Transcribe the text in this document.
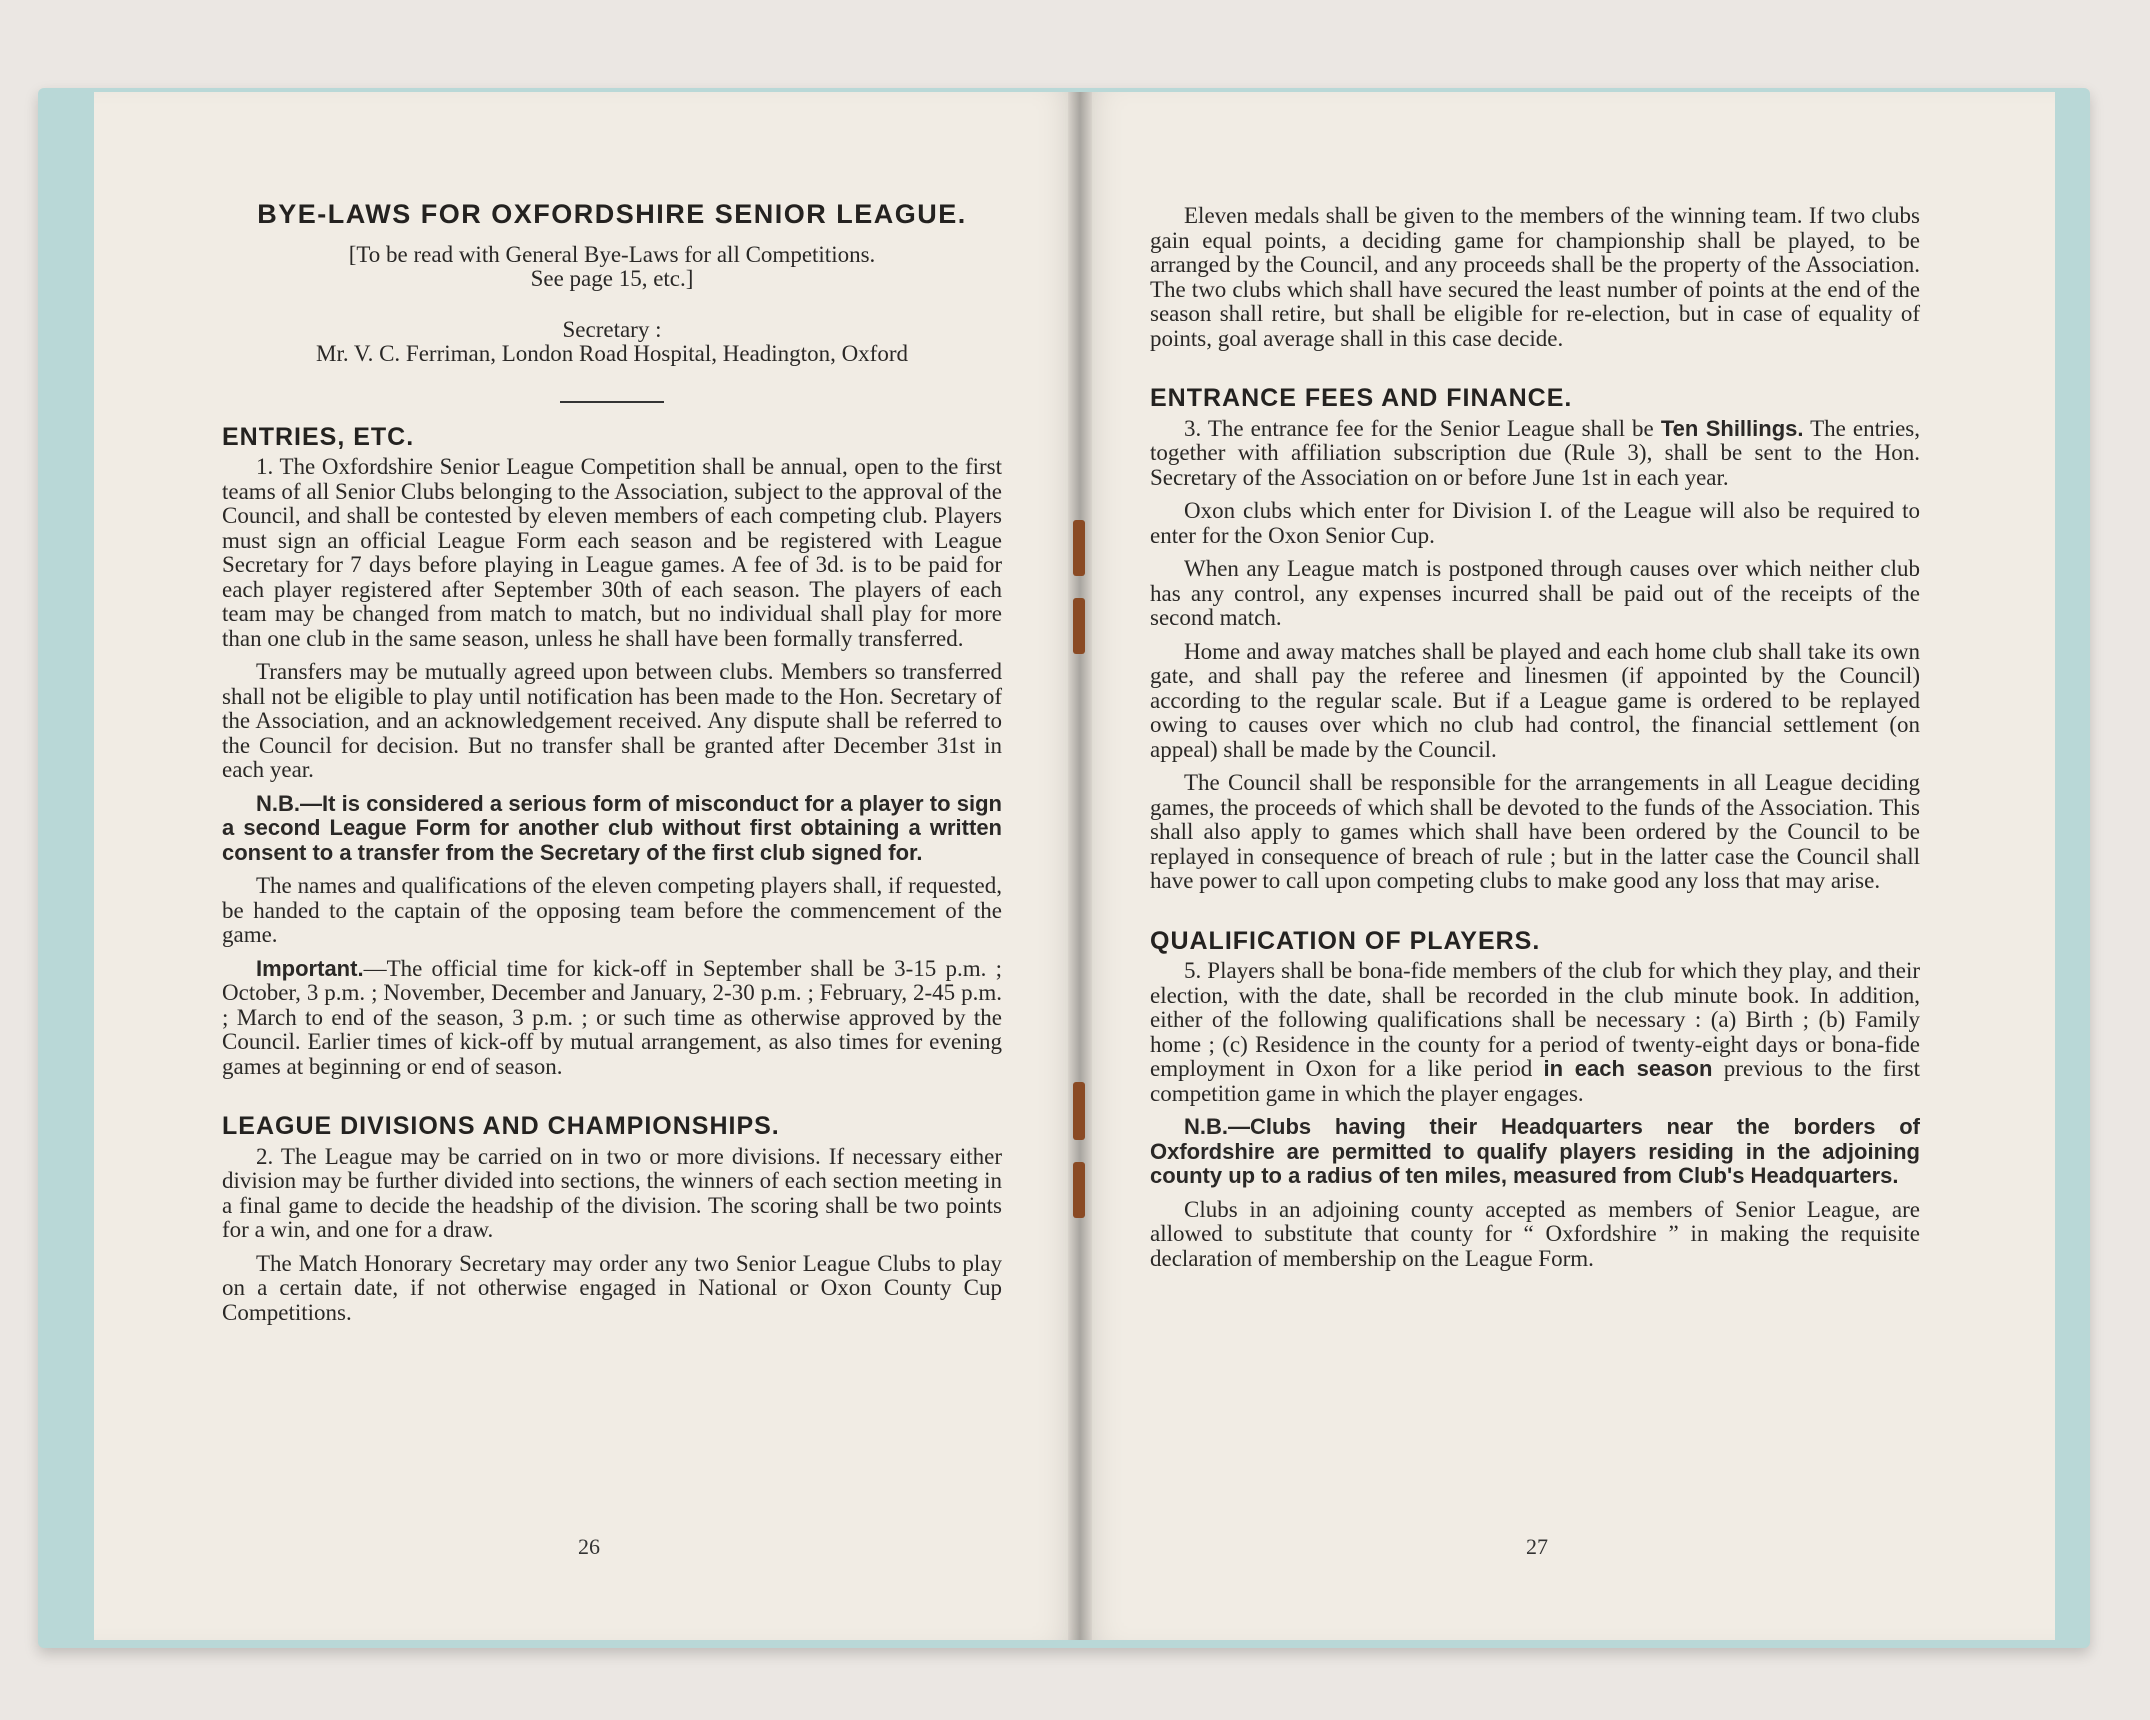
BYE-LAWS FOR OXFORDSHIRE SENIOR LEAGUE.

[To be read with General Bye-Laws for all Competitions.

See page 15, etc.]

Secretary :

Mr. V. C. Ferriman, London Road Hospital, Headington, Oxford

ENTRIES, ETC.

1. The Oxfordshire Senior League Competition shall be annual, open to the first teams of all Senior Clubs belonging to the Association, subject to the approval of the Council, and shall be contested by eleven members of each competing club. Players must sign an official League Form each season and be registered with League Secretary for 7 days before playing in League games. A fee of 3d. is to be paid for each player registered after September 30th of each season. The players of each team may be changed from match to match, but no individual shall play for more than one club in the same season, unless he shall have been formally transferred.

Transfers may be mutually agreed upon between clubs. Members so transferred shall not be eligible to play until notification has been made to the Hon. Secretary of the Association, and an acknowledgement received. Any dispute shall be referred to the Council for decision. But no transfer shall be granted after December 31st in each year.

N.B.—It is considered a serious form of misconduct for a player to sign a second League Form for another club without first obtaining a written consent to a transfer from the Secretary of the first club signed for.

The names and qualifications of the eleven competing players shall, if requested, be handed to the captain of the opposing team before the commencement of the game.

Important.—The official time for kick-off in September shall be 3-15 p.m. ; October, 3 p.m. ; November, December and January, 2-30 p.m. ; February, 2-45 p.m. ; March to end of the season, 3 p.m. ; or such time as otherwise approved by the Council. Earlier times of kick-off by mutual arrangement, as also times for evening games at beginning or end of season.

LEAGUE DIVISIONS AND CHAMPIONSHIPS.

2. The League may be carried on in two or more divisions. If necessary either division may be further divided into sections, the winners of each section meeting in a final game to decide the headship of the division. The scoring shall be two points for a win, and one for a draw.

The Match Honorary Secretary may order any two Senior League Clubs to play on a certain date, if not otherwise engaged in National or Oxon County Cup Competitions.

26

Eleven medals shall be given to the members of the winning team. If two clubs gain equal points, a deciding game for championship shall be played, to be arranged by the Council, and any proceeds shall be the property of the Association. The two clubs which shall have secured the least number of points at the end of the season shall retire, but shall be eligible for re-election, but in case of equality of points, goal average shall in this case decide.

ENTRANCE FEES AND FINANCE.

3. The entrance fee for the Senior League shall be Ten Shillings. The entries, together with affiliation subscription due (Rule 3), shall be sent to the Hon. Secretary of the Association on or before June 1st in each year.

Oxon clubs which enter for Division I. of the League will also be required to enter for the Oxon Senior Cup.

When any League match is postponed through causes over which neither club has any control, any expenses incurred shall be paid out of the receipts of the second match.

Home and away matches shall be played and each home club shall take its own gate, and shall pay the referee and linesmen (if appointed by the Council) according to the regular scale. But if a League game is ordered to be replayed owing to causes over which no club had control, the financial settlement (on appeal) shall be made by the Council.

The Council shall be responsible for the arrangements in all League deciding games, the proceeds of which shall be devoted to the funds of the Association. This shall also apply to games which shall have been ordered by the Council to be replayed in consequence of breach of rule ; but in the latter case the Council shall have power to call upon competing clubs to make good any loss that may arise.

QUALIFICATION OF PLAYERS.

5. Players shall be bona-fide members of the club for which they play, and their election, with the date, shall be recorded in the club minute book. In addition, either of the following qualifications shall be necessary : (a) Birth ; (b) Family home ; (c) Residence in the county for a period of twenty-eight days or bona-fide employment in Oxon for a like period in each season previous to the first competition game in which the player engages.

N.B.—Clubs having their Headquarters near the borders of Oxfordshire are permitted to qualify players residing in the adjoining county up to a radius of ten miles, measured from Club's Headquarters.

Clubs in an adjoining county accepted as members of Senior League, are allowed to substitute that county for “ Oxfordshire ” in making the requisite declaration of membership on the League Form.

27
